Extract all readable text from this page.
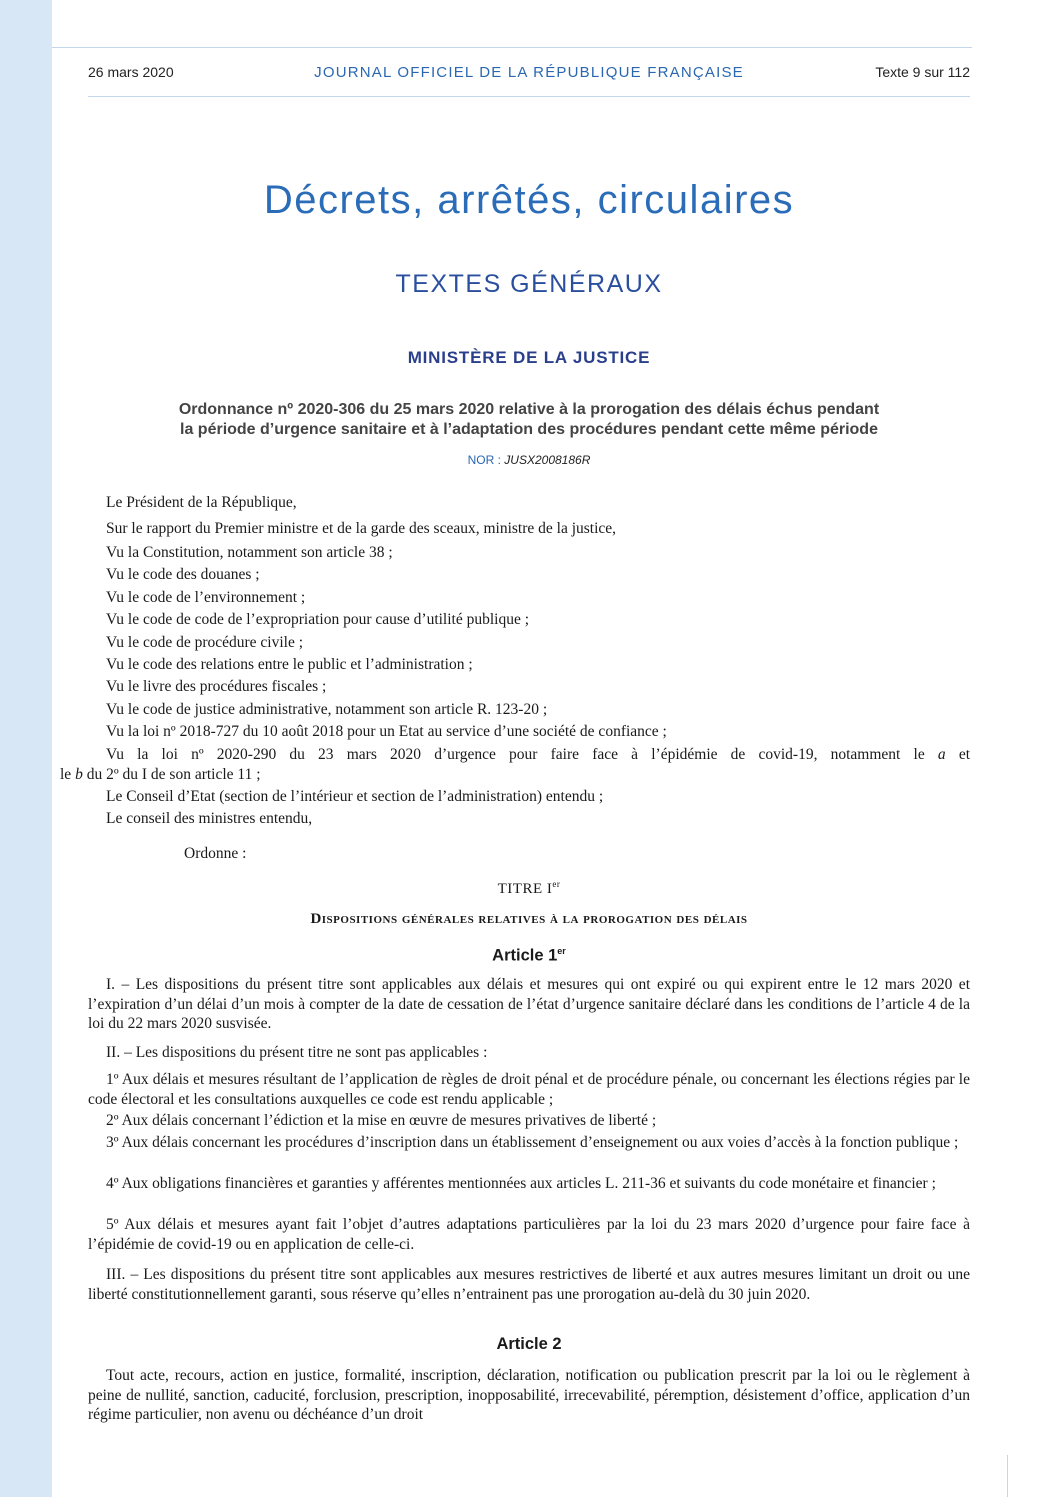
26 mars 2020	JOURNAL OFFICIEL DE LA RÉPUBLIQUE FRANÇAISE	Texte 9 sur 112
Décrets, arrêtés, circulaires
TEXTES GÉNÉRAUX
MINISTÈRE DE LA JUSTICE
Ordonnance nº 2020-306 du 25 mars 2020 relative à la prorogation des délais échus pendant
la période d’urgence sanitaire et à l’adaptation des procédures pendant cette même période
NOR : JUSX2008186R
Le Président de la République,
Sur le rapport du Premier ministre et de la garde des sceaux, ministre de la justice,
Vu la Constitution, notamment son article 38 ;
Vu le code des douanes ;
Vu le code de l’environnement ;
Vu le code de code de l’expropriation pour cause d’utilité publique ;
Vu le code de procédure civile ;
Vu le code des relations entre le public et l’administration ;
Vu le livre des procédures fiscales ;
Vu le code de justice administrative, notamment son article R. 123-20 ;
Vu la loi nº 2018-727 du 10 août 2018 pour un Etat au service d’une société de confiance ;
Vu la loi nº 2020-290 du 23 mars 2020 d’urgence pour faire face à l’épidémie de covid-19, notamment le a et
le b du 2º du I de son article 11 ;
Le Conseil d’Etat (section de l’intérieur et section de l’administration) entendu ;
Le conseil des ministres entendu,
Ordonne :
TITRE Ier
Dispositions générales relatives à la prorogation des délais
Article 1er
I. – Les dispositions du présent titre sont applicables aux délais et mesures qui ont expiré ou qui expirent entre le 12 mars 2020 et l’expiration d’un délai d’un mois à compter de la date de cessation de l’état d’urgence sanitaire déclaré dans les conditions de l’article 4 de la loi du 22 mars 2020 susvisée.
II. – Les dispositions du présent titre ne sont pas applicables :
1º Aux délais et mesures résultant de l’application de règles de droit pénal et de procédure pénale, ou concernant les élections régies par le code électoral et les consultations auxquelles ce code est rendu applicable ;
2º Aux délais concernant l’édiction et la mise en œuvre de mesures privatives de liberté ;
3º Aux délais concernant les procédures d’inscription dans un établissement d’enseignement ou aux voies d’accès à la fonction publique ;
4º Aux obligations financières et garanties y afférentes mentionnées aux articles L. 211-36 et suivants du code monétaire et financier ;
5º Aux délais et mesures ayant fait l’objet d’autres adaptations particulières par la loi du 23 mars 2020 d’urgence pour faire face à l’épidémie de covid-19 ou en application de celle-ci.
III. – Les dispositions du présent titre sont applicables aux mesures restrictives de liberté et aux autres mesures limitant un droit ou une liberté constitutionnellement garanti, sous réserve qu’elles n’entrainent pas une prorogation au-delà du 30 juin 2020.
Article 2
Tout acte, recours, action en justice, formalité, inscription, déclaration, notification ou publication prescrit par la loi ou le règlement à peine de nullité, sanction, caducité, forclusion, prescription, inopposabilité, irrecevabilité, péremption, désistement d’office, application d’un régime particulier, non avenu ou déchéance d’un droit
